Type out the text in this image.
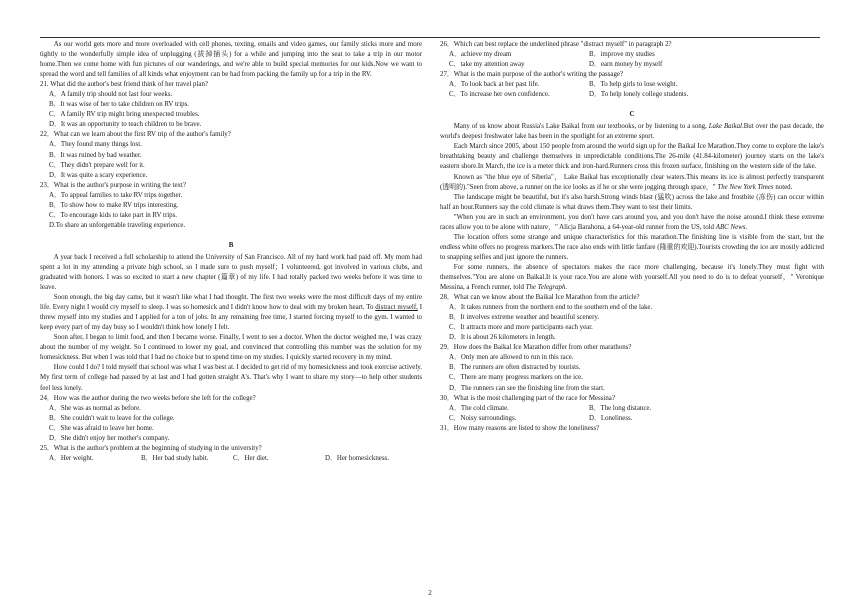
As our world gets more and more overloaded with cell phones, texting, emails and video games, our family sticks more and more tightly to the wonderfully simple idea of unplugging (拔掉插头) for a while and jumping into the seat to take a trip in our motor home.Then we come home with fun pictures of our wanderings, and we're able to build special memories for our kids.Now we want to spread the word and tell families of all kinds what enjoyment can be had from packing the family up for a trip in the RV.

21. What did the author's best friend think of her travel plan?

A．A family trip should not last four weeks.

B．It was wise of her to take children on RV trips.

C．A family RV trip might bring unexpected troubles.

D．It was an opportunity to teach children to be brave.

22．What can we learn about the first RV trip of the author's family?

A．They found many things lost.

B．It was ruined by bad weather.

C．They didn't prepare well for it.

D．It was quite a scary experience.

23．What is the author's purpose in writing the text?

A．To appeal families to take RV trips together.

B．To show how to make RV trips interesting.

C．To encourage kids to take part in RV trips.

D.To share an unforgettable traveling experience.

B

A year back I received a full scholarship to attend the University of San Francisco. All of my hard work had paid off. My mom had spent a lot in my attending a private high school, so I made sure to push myself；I volunteered, got involved in various clubs, and graduated with honors. I was so excited to start a new chapter (篇章) of my life. I had totally packed two weeks before it was time to leave.

Soon enough, the big day came, but it wasn't like what I had thought. The first two weeks were the most difficult days of my entire life. Every night I would cry myself to sleep. I was so homesick and I didn't know how to deal with my broken heart. To distract myself, I threw myself into my studies and I applied for a ton of jobs. In any remaining free time, I started forcing myself to the gym. I wanted to keep every part of my day busy so I wouldn't think how lonely I felt.

Soon after, I began to limit food, and then I became worse. Finally, I went to see a doctor. When the doctor weighed me, I was crazy about the number of my weight. So I continued to lower my goal, and convinced that controlling this number was the solution for my homesickness. But when I was told that I had no choice but to spend time on my studies. I quickly started recovery in my mind.

How could I do? I told myself that school was what I was best at. I decided to get rid of my homesickness and took exercise actively. My first term of college had passed by at last and I had gotten straight A's. That's why I want to share my story—to help other students feel less lonely.

24．How was the author during the two weeks before she left for the college?

A．She was as normal as before.

B．She couldn't wait to leave for the college.

C．She was afraid to leave her home.

D．She didn't enjoy her mother's company.

25．What is the author's problem at the beginning of studying in the university?

A．Her weight.	B．Her bad study habit.	C．Her diet.	D．Her homesickness.

26．Which can best replace the underlined phrase "distract myself" in paragraph 2?

A．achieve my dream	B．improve my studies
C．take my attention away	D．earn money by myself

27．What is the main purpose of the author's writing the passage?

A．To look back at her past life.	B．To help girls to lose weight.
C．To increase her own confidence.	D．To help lonely college students.

C

Many of us know about Russia's Lake Baikal from our textbooks, or by listening to a song, Lake Baikal.But over the past decade, the world's deepest freshwater lake has been in the spotlight for an extreme sport.

Each March since 2005, about 150 people from around the world sign up for the Baikal Ice Marathon.They come to explore the lake's breathtaking beauty and challenge themselves in unpredictable conditions.The 26-mile (41.84-kilometer) journey starts on the lake's eastern shore.In March, the ice is a meter thick and iron-hard.Runners cross this frozen surface, finishing on the western side of the lake.

Known as "the blue eye of Siberia"， Lake Baikal has exceptionally clear waters.This means its ice is almost perfectly transparent (透明的)."Seen from above, a runner on the ice looks as if he or she were jogging through space，" The New York Times noted.

The landscape might be beautiful, but it's also harsh.Strong winds blast (猛吹) across the lake and frostbite (冻伤) can occur within half an hour.Runners say the cold climate is what draws them.They want to test their limits.

"When you are in such an environment, you don't have cars around you, and you don't have the noise around.I think these extreme races allow you to be alone with nature，" Alicja Barahona, a 64-year-old runner from the US, told ABC News.

The location offers some strange and unique characteristics for this marathon.The finishing line is visible from the start, but the endless white offers no progress markers.The race also ends with little fanfare (隆重的欢迎).Tourists crowding the ice are mostly addicted to snapping selfies and just ignore the runners.

For some runners, the absence of spectators makes the race more challenging, because it's lonely.They must fight with themselves."You are alone on Baikal.It is your race.You are alone with yourself.All you need to do is to defeat yourself，" Veronique Messina, a French runner, told The Telegraph.

28．What can we know about the Baikal Ice Marathon from the article?

A．It takes runners from the northern end to the southern end of the lake.

B．It involves extreme weather and beautiful scenery.

C．It attracts more and more participants each year.

D．It is about 26 kilometers in length.

29．How does the Baikal Ice Marathon differ from other marathons?

A．Only men are allowed to run in this race.

B．The runners are often distracted by tourists.

C．There are many progress markers on the ice.

D．The runners can see the finishing line from the start.

30．What is the most challenging part of the race for Messina?

A．The cold climate.	B．The long distance.
C．Noisy surroundings.	D．Loneliness.

31．How many reasons are listed to show the loneliness?

2
